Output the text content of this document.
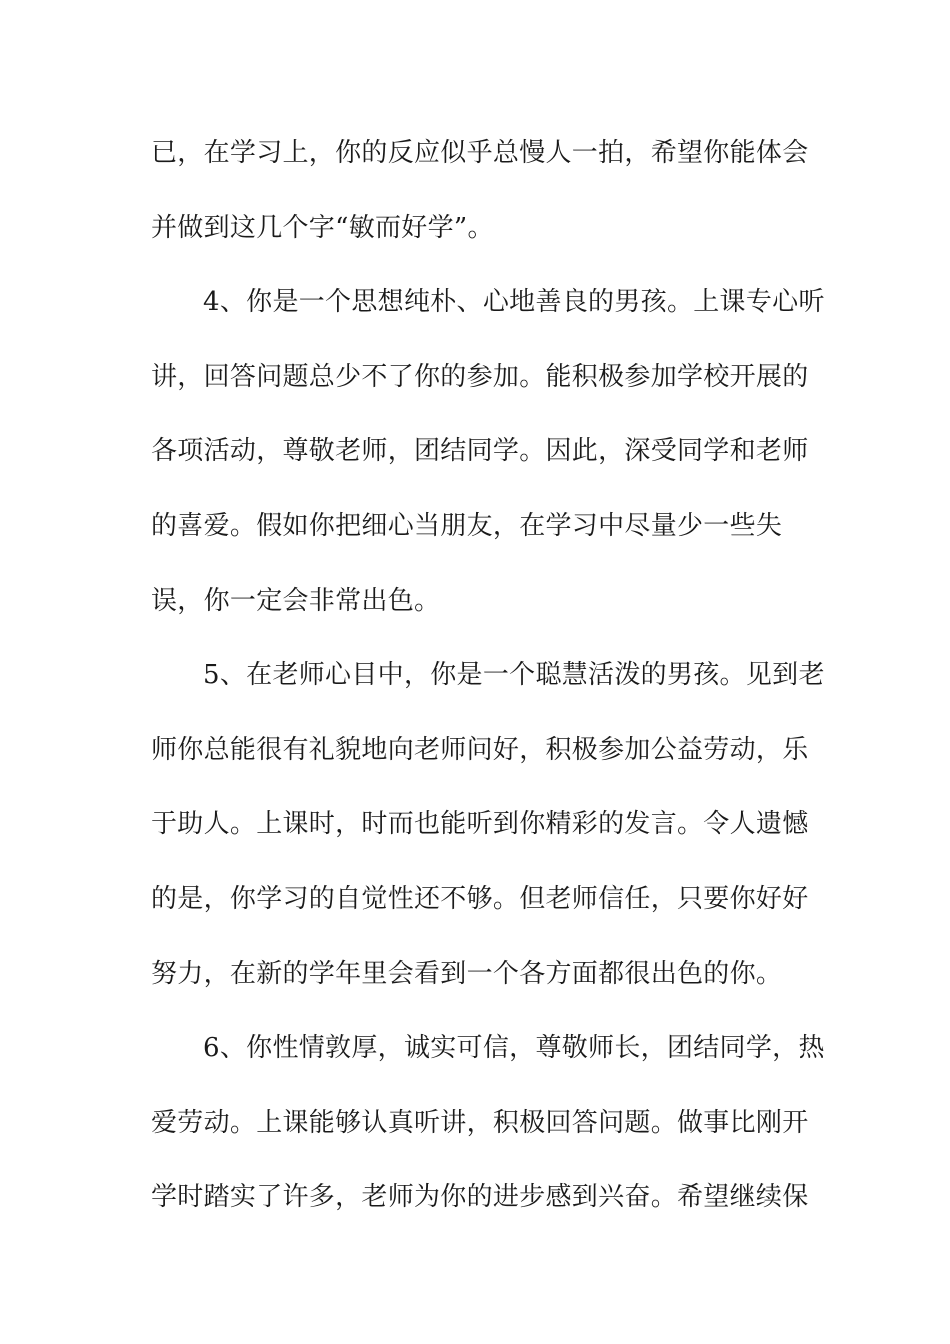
已，在学习上，你的反应似乎总慢人一拍，希望你能体会
并做到这几个字“敏而好学”。
4、你是一个思想纯朴、心地善良的男孩。上课专心听
讲，回答问题总少不了你的参加。能积极参加学校开展的
各项活动，尊敬老师，团结同学。因此，深受同学和老师
的喜爱。假如你把细心当朋友，在学习中尽量少一些失
误，你一定会非常出色。
5、在老师心目中，你是一个聪慧活泼的男孩。见到老
师你总能很有礼貌地向老师问好，积极参加公益劳动，乐
于助人。上课时，时而也能听到你精彩的发言。令人遗憾
的是，你学习的自觉性还不够。但老师信任，只要你好好
努力，在新的学年里会看到一个各方面都很出色的你。
6、你性情敦厚，诚实可信，尊敬师长，团结同学，热
爱劳动。上课能够认真听讲，积极回答问题。做事比刚开
学时踏实了许多，老师为你的进步感到兴奋。希望继续保
